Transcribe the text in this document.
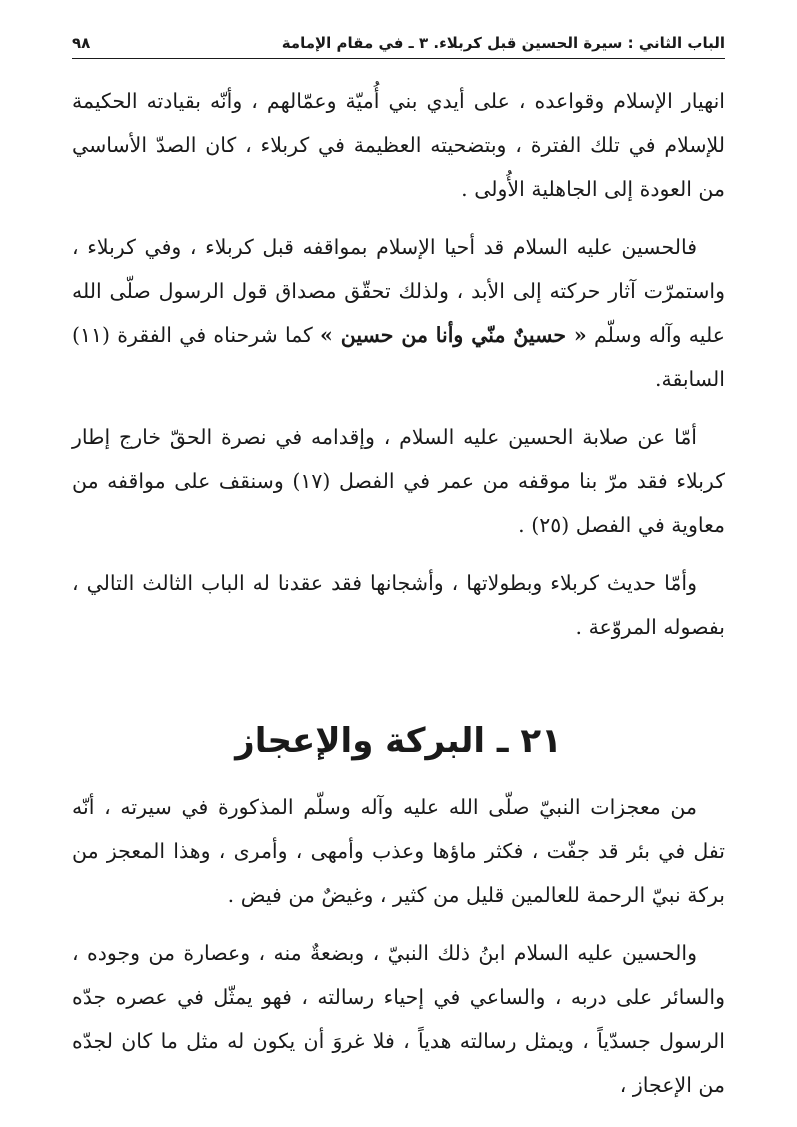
الباب الثاني : سيرة الحسين قبل كربلاء. ٣ ـ في مقام الإمامة
٩٨

انهيار الإسلام وقواعده ، على أيدي بني أُميّة وعمّالهم ، وأنّه بقيادته الحكيمة للإسلام في تلك الفترة ، وبتضحيته العظيمة في كربلاء ، كان الصدّ الأساسي من العودة إلى الجاهلية الأُولى .

فالحسين عليه السلام قد أحيا الإسلام بمواقفه قبل كربلاء ، وفي كربلاء ، واستمرّت آثار حركته إلى الأبد ، ولذلك تحقّق مصداق قول الرسول صلّى الله عليه وآله وسلّم « حسينٌ منّي وأنا من حسين » كما شرحناه في الفقرة (١١) السابقة.

أمّا عن صلابة الحسين عليه السلام ، وإقدامه في نصرة الحقّ خارج إطار كربلاء فقد مرّ بنا موقفه من عمر في الفصل (١٧) وسنقف على مواقفه من معاوية في الفصل (٢٥) .

وأمّا حديث كربلاء وبطولاتها ، وأشجانها فقد عقدنا له الباب الثالث التالي ، بفصوله المروّعة .

٢١ ـ البركة والإعجاز

من معجزات النبيّ صلّى الله عليه وآله وسلّم المذكورة في سيرته ، أنّه تفل في بئر قد جفّت ، فكثر ماؤها وعذب وأمهى ، وأمرى ، وهذا المعجز من بركة نبيّ الرحمة للعالمين قليل من كثير ، وغيضٌ من فيض .

والحسين عليه السلام ابنُ ذلك النبيّ ، وبضعةٌ منه ، وعصارة من وجوده ، والسائر على دربه ، والساعي في إحياء رسالته ، فهو يمثّل في عصره جدّه الرسول جسدّياً ، ويمثل رسالته هدياً ، فلا غروَ أن يكون له مثل ما كان لجدّه من الإعجاز ،
